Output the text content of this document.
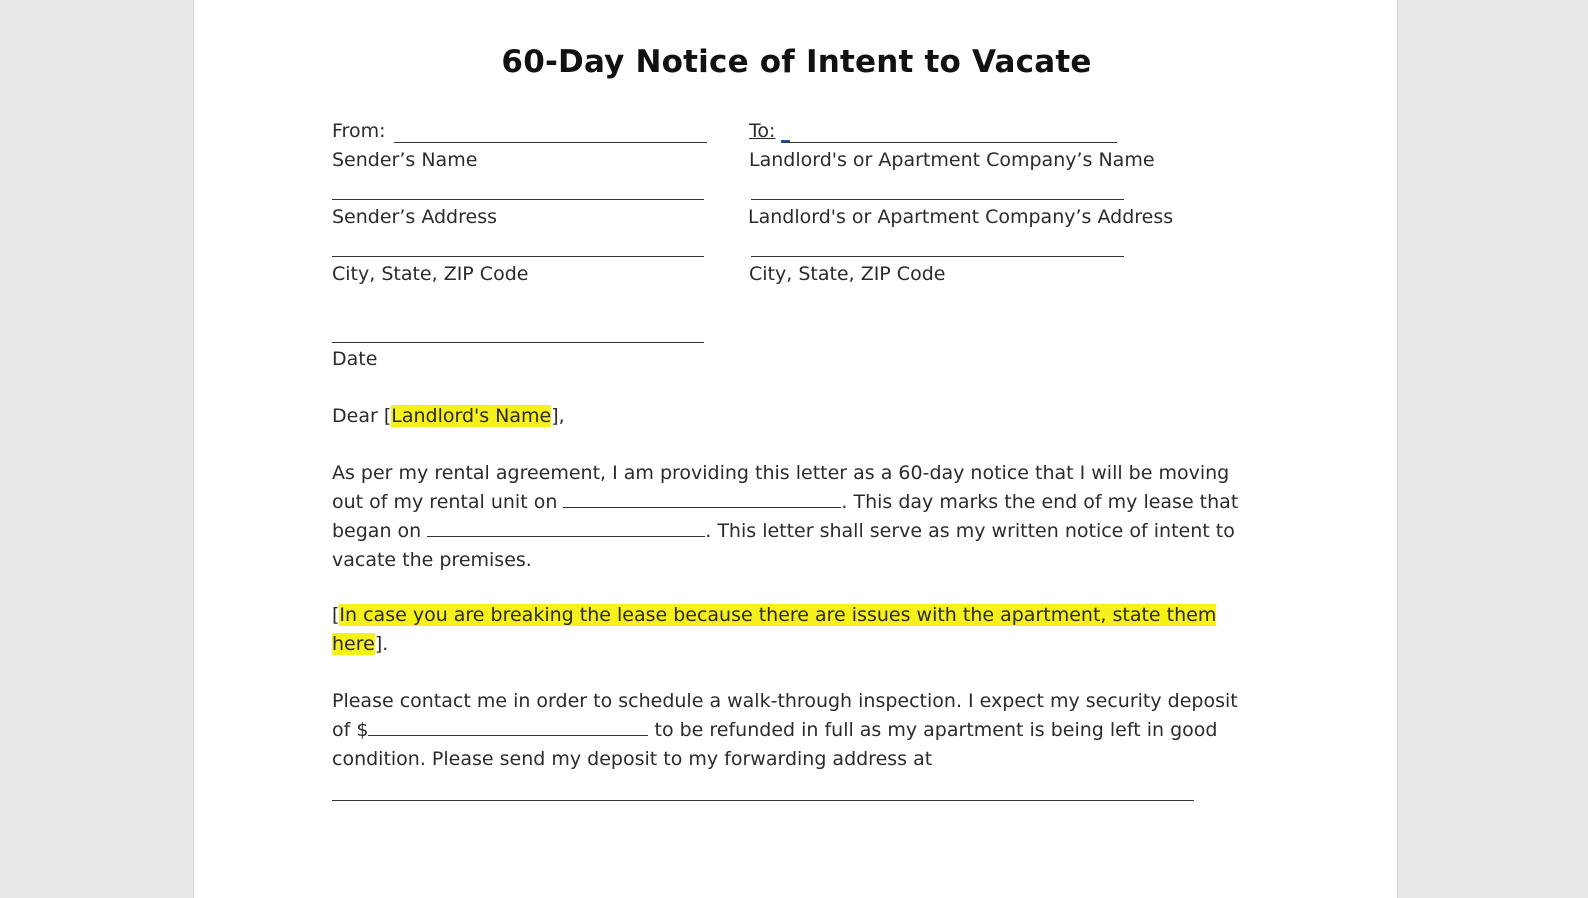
60-Day Notice of Intent to Vacate
From:
Sender’s Name
Sender’s Address
City, State, ZIP Code
Date
To:
Landlord's or Apartment Company’s Name
Landlord's or Apartment Company’s Address
City, State, ZIP Code
Dear [Landlord's Name],
As per my rental agreement, I am providing this letter as a 60-day notice that I will be moving out of my rental unit on	. This day marks the end of my lease that began on	. This letter shall serve as my written notice of intent to vacate the premises.
[In case you are breaking the lease because there are issues with the apartment, state them here].
Please contact me in order to schedule a walk-through inspection. I expect my security deposit of $	to be refunded in full as my apartment is being left in good condition. Please send my deposit to my forwarding address at
